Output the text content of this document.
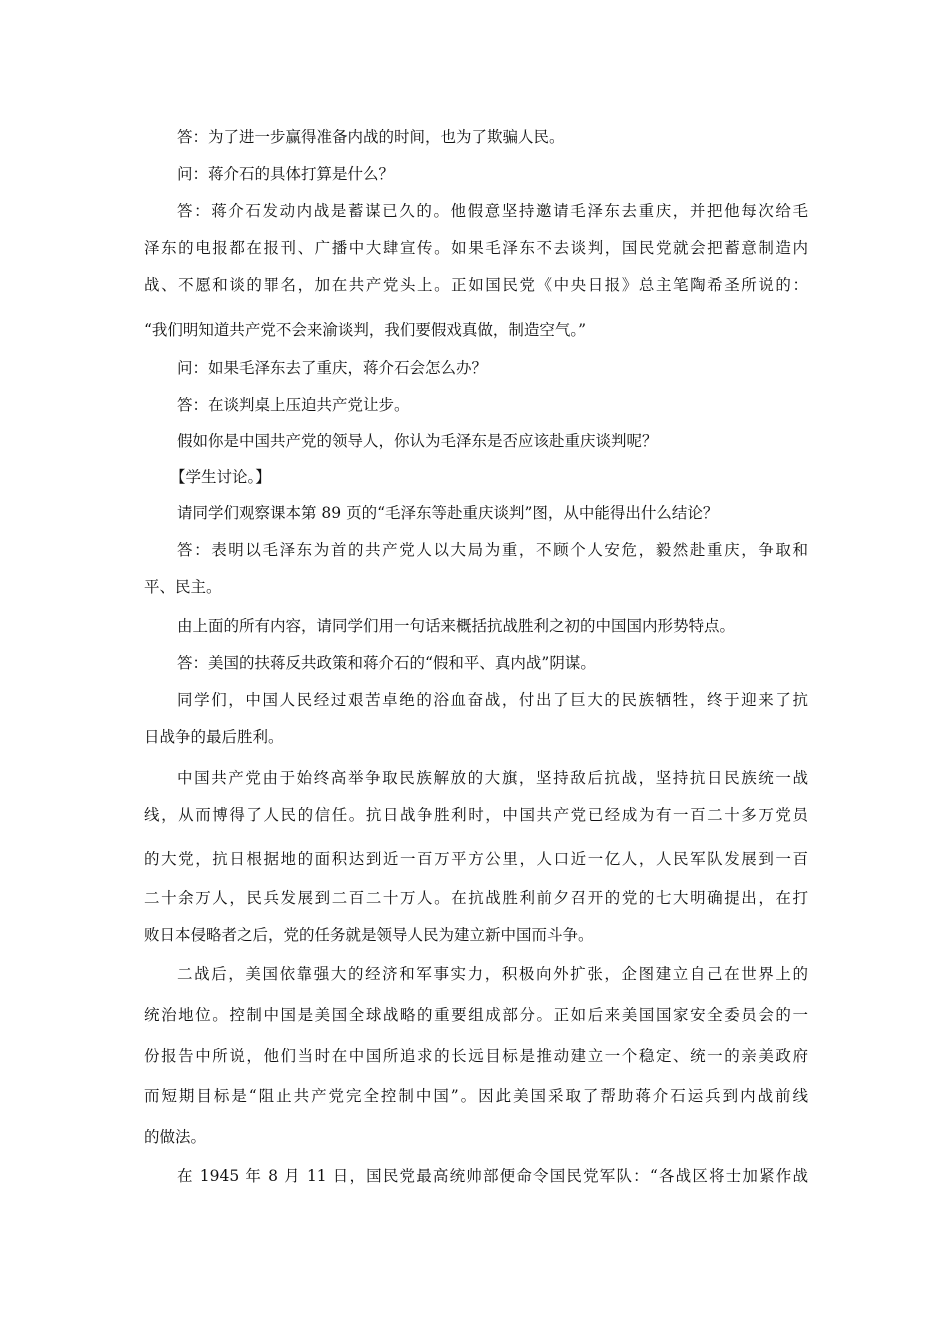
答：为了进一步赢得准备内战的时间，也为了欺骗人民。
问：蒋介石的具体打算是什么？
答：蒋介石发动内战是蓄谋已久的。他假意坚持邀请毛泽东去重庆，并把他每次给毛
泽东的电报都在报刊、广播中大肆宣传。如果毛泽东不去谈判，国民党就会把蓄意制造内
战、不愿和谈的罪名，加在共产党头上。正如国民党《中央日报》总主笔陶希圣所说的：
“我们明知道共产党不会来渝谈判，我们要假戏真做，制造空气。”
问：如果毛泽东去了重庆，蒋介石会怎么办？
答：在谈判桌上压迫共产党让步。
假如你是中国共产党的领导人，你认为毛泽东是否应该赴重庆谈判呢？
【学生讨论。】
请同学们观察课本第 89 页的“毛泽东等赴重庆谈判”图，从中能得出什么结论？
答：表明以毛泽东为首的共产党人以大局为重，不顾个人安危，毅然赴重庆，争取和
平、民主。
由上面的所有内容，请同学们用一句话来概括抗战胜利之初的中国国内形势特点。
答：美国的扶蒋反共政策和蒋介石的“假和平、真内战”阴谋。
同学们，中国人民经过艰苦卓绝的浴血奋战，付出了巨大的民族牺牲，终于迎来了抗
日战争的最后胜利。
中国共产党由于始终高举争取民族解放的大旗，坚持敌后抗战，坚持抗日民族统一战
线，从而博得了人民的信任。抗日战争胜利时，中国共产党已经成为有一百二十多万党员
的大党，抗日根据地的面积达到近一百万平方公里，人口近一亿人，人民军队发展到一百
二十余万人，民兵发展到二百二十万人。在抗战胜利前夕召开的党的七大明确提出，在打
败日本侵略者之后，党的任务就是领导人民为建立新中国而斗争。
二战后，美国依靠强大的经济和军事实力，积极向外扩张，企图建立自己在世界上的
统治地位。控制中国是美国全球战略的重要组成部分。正如后来美国国家安全委员会的一
份报告中所说，他们当时在中国所追求的长远目标是推动建立一个稳定、统一的亲美政府
而短期目标是“阻止共产党完全控制中国”。因此美国采取了帮助蒋介石运兵到内战前线
的做法。
在 1945 年 8 月 11 日，国民党最高统帅部便命令国民党军队：“各战区将士加紧作战
